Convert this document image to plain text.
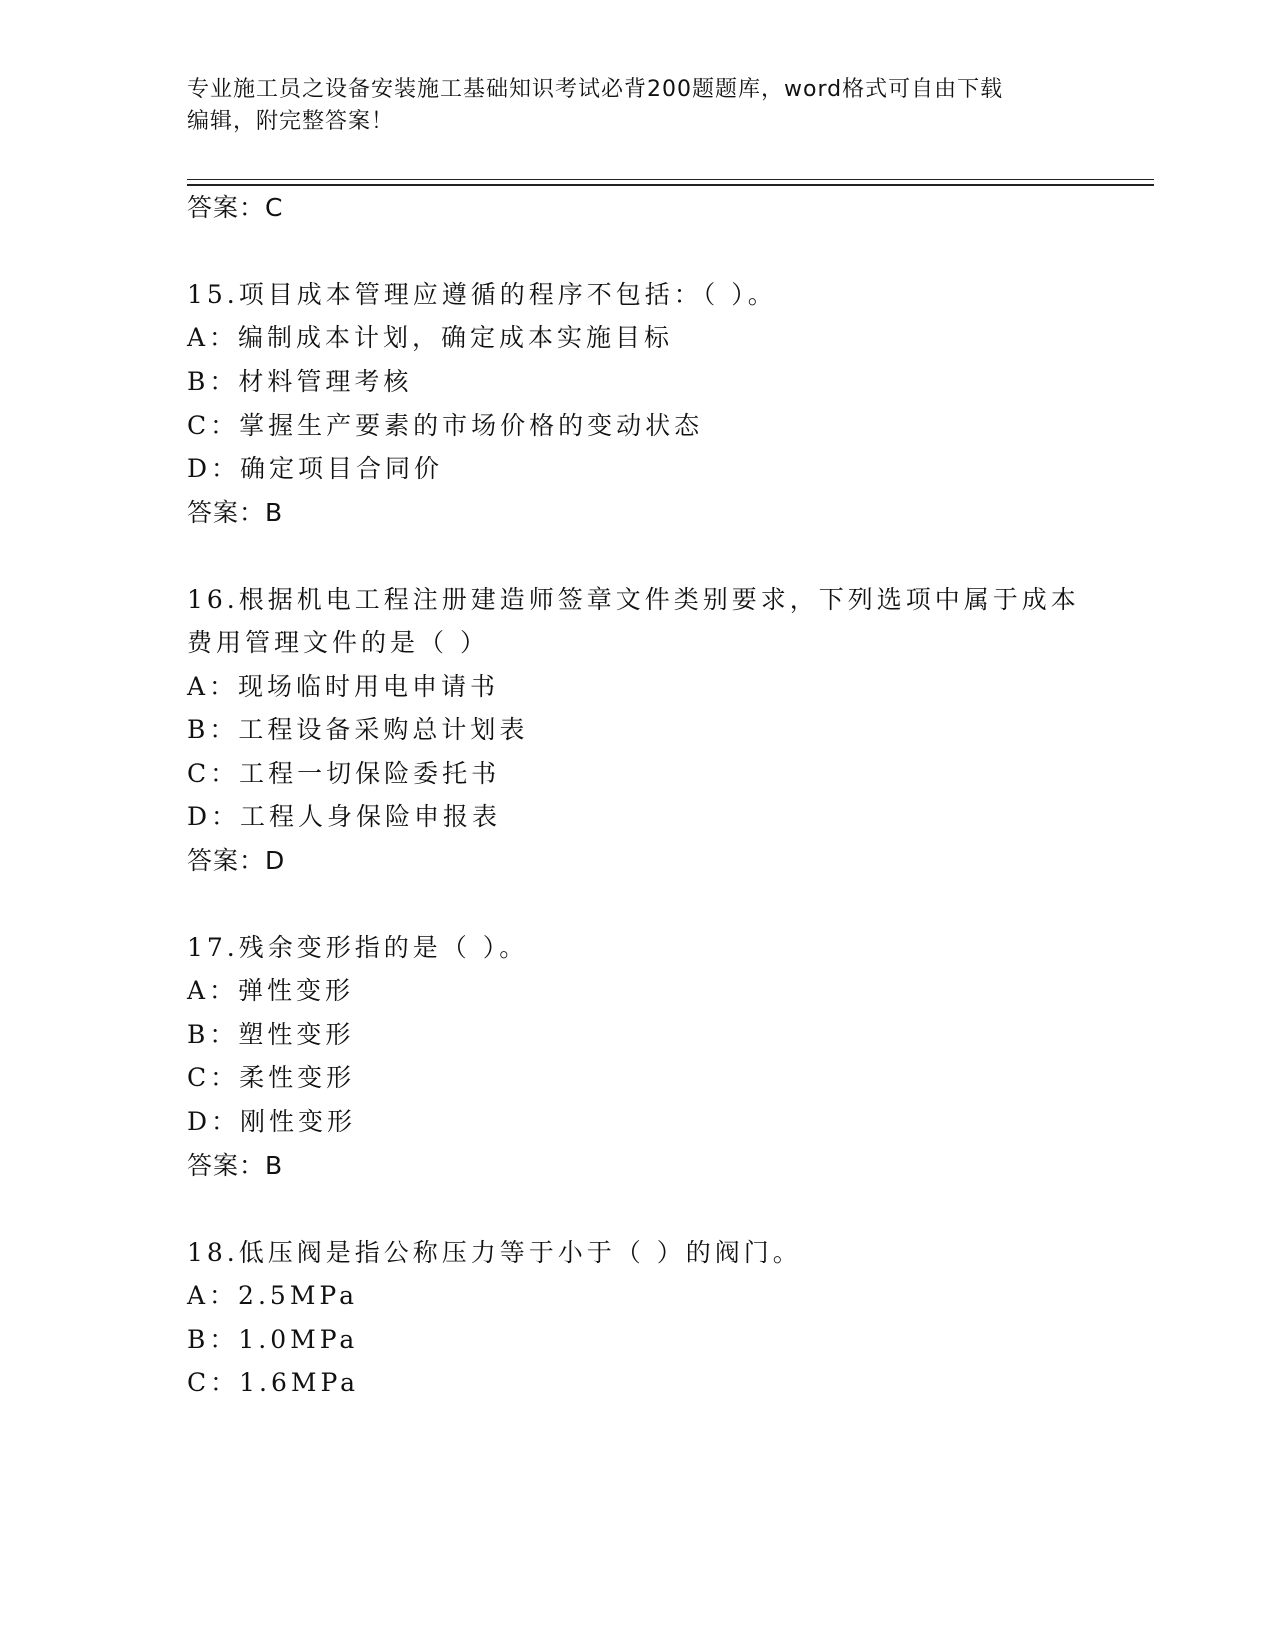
专业施工员之设备安装施工基础知识考试必背200题题库，word格式可自由下载
编辑，附完整答案！
答案：C
15.项目成本管理应遵循的程序不包括：（ ）。
A：编制成本计划，确定成本实施目标
B：材料管理考核
C：掌握生产要素的市场价格的变动状态
D：确定项目合同价
答案：B
16.根据机电工程注册建造师签章文件类别要求，下列选项中属于成本
费用管理文件的是（ ）
A：现场临时用电申请书
B：工程设备采购总计划表
C：工程一切保险委托书
D：工程人身保险申报表
答案：D
17.残余变形指的是（ ）。
A：弹性变形
B：塑性变形
C：柔性变形
D：刚性变形
答案：B
18.低压阀是指公称压力等于小于（ ）的阀门。
A：2.5MPa
B：1.0MPa
C：1.6MPa
